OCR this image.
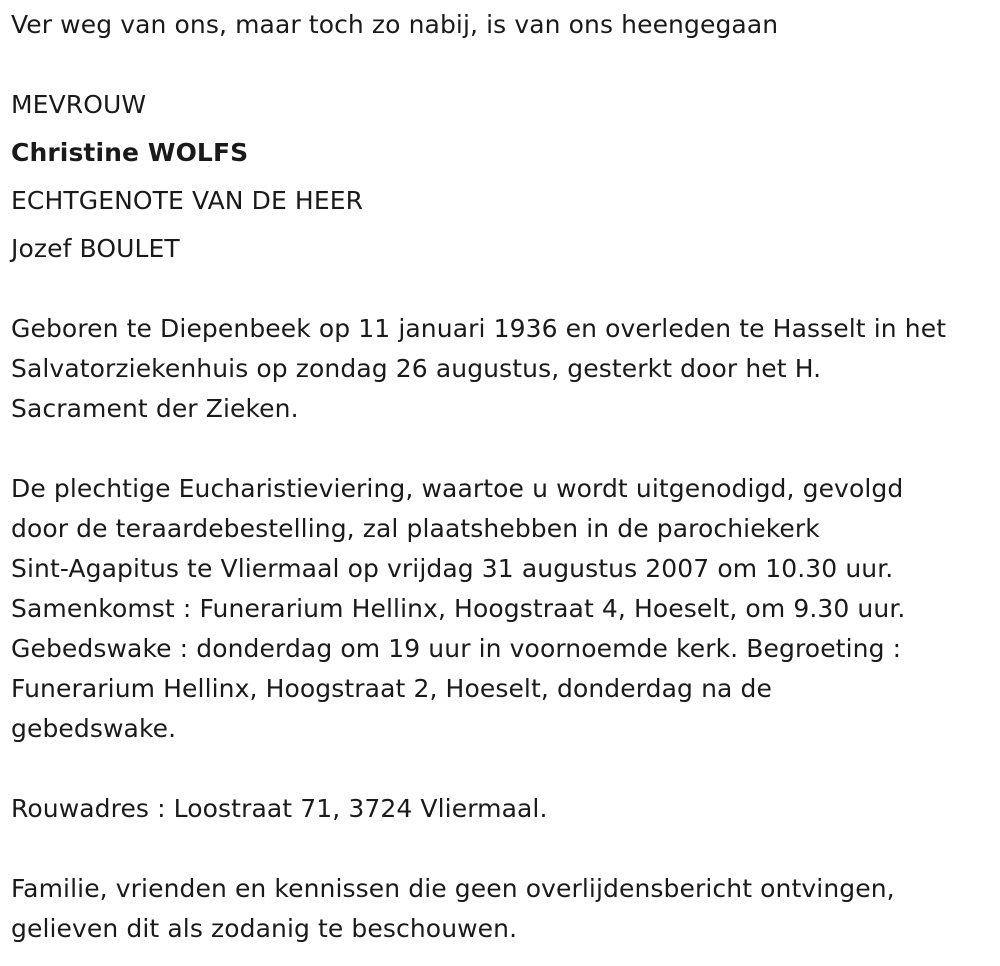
Ver weg van ons, maar toch zo nabij, is van ons heengegaan
MEVROUW
Christine WOLFS
ECHTGENOTE VAN DE HEER
Jozef BOULET
Geboren te Diepenbeek op 11 januari 1936 en overleden te Hasselt in het
Salvatorziekenhuis op zondag 26 augustus, gesterkt door het H.
Sacrament der Zieken.
De plechtige Eucharistieviering, waartoe u wordt uitgenodigd, gevolgd
door de teraardebestelling, zal plaatshebben in de parochiekerk
Sint-Agapitus te Vliermaal op vrijdag 31 augustus 2007 om 10.30 uur.
Samenkomst : Funerarium Hellinx, Hoogstraat 4, Hoeselt, om 9.30 uur.
Gebedswake : donderdag om 19 uur in voornoemde kerk. Begroeting :
Funerarium Hellinx, Hoogstraat 2, Hoeselt, donderdag na de
gebedswake.
Rouwadres : Loostraat 71, 3724 Vliermaal.
Familie, vrienden en kennissen die geen overlijdensbericht ontvingen,
gelieven dit als zodanig te beschouwen.
